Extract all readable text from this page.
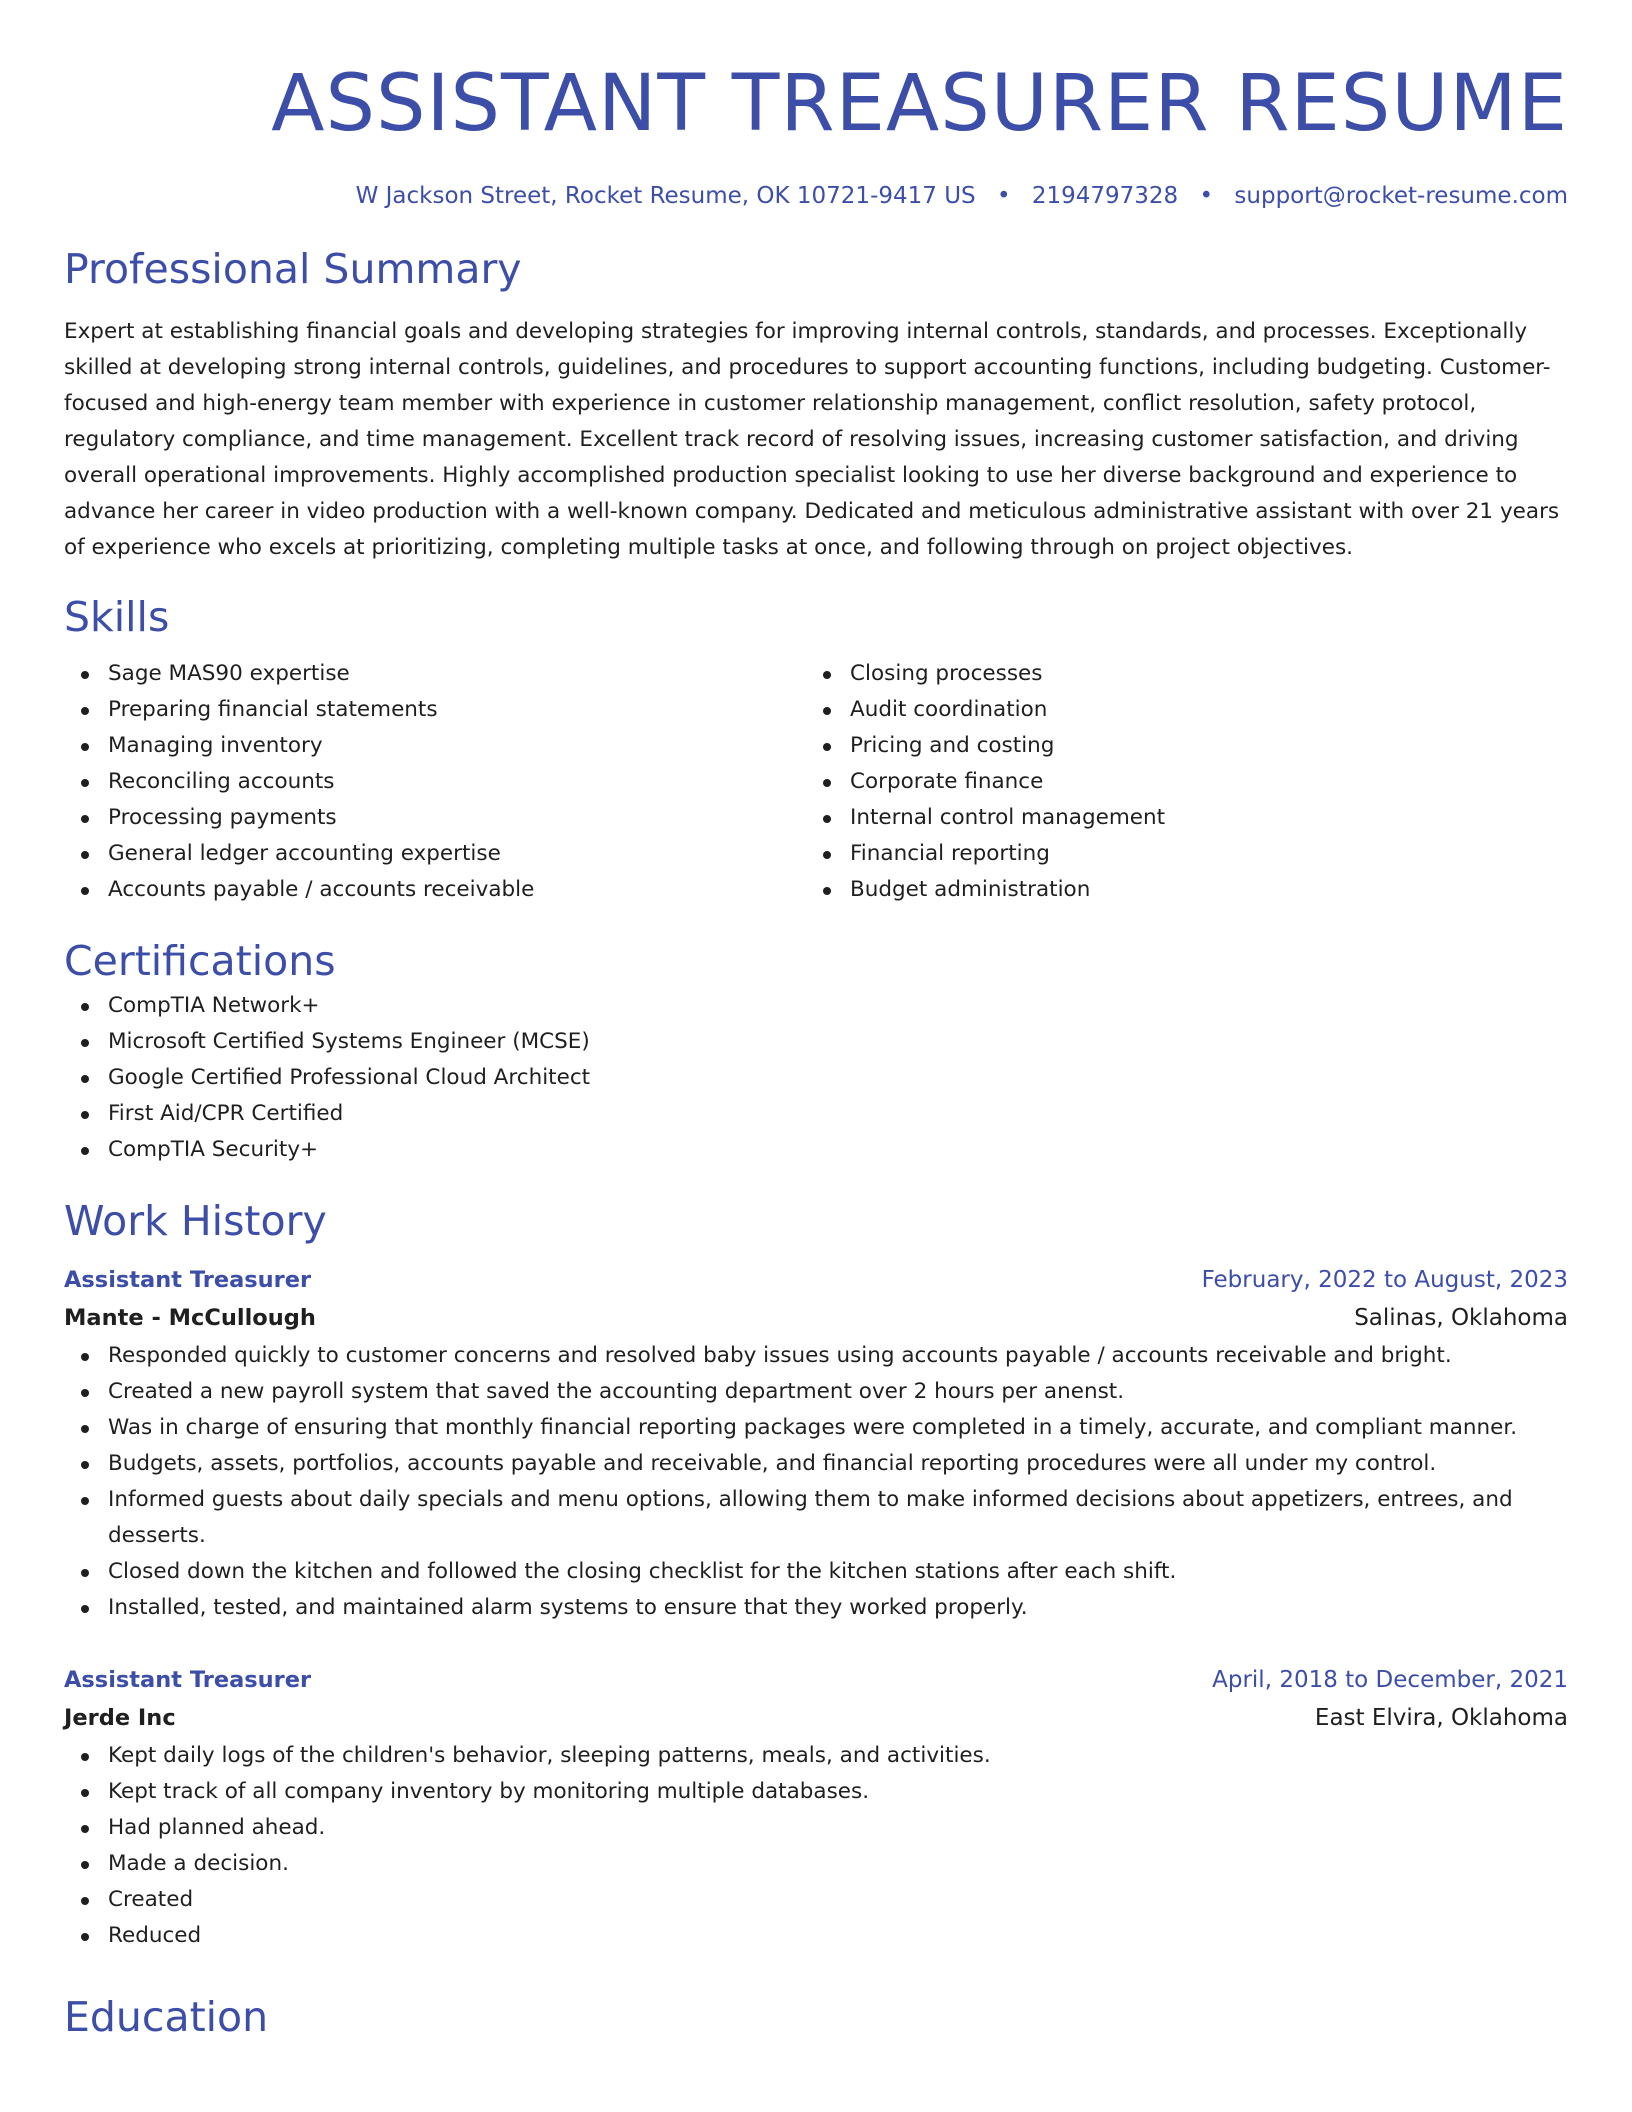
ASSISTANT TREASURER RESUME
W Jackson Street, Rocket Resume, OK 10721-9417 US • 2194797328 • support@rocket-resume.com
Professional Summary

Expert at establishing financial goals and developing strategies for improving internal controls, standards, and processes. Exceptionally skilled at developing strong internal controls, guidelines, and procedures to support accounting functions, including budgeting. Customer-focused and high-energy team member with experience in customer relationship management, conflict resolution, safety protocol, regulatory compliance, and time management. Excellent track record of resolving issues, increasing customer satisfaction, and driving overall operational improvements. Highly accomplished production specialist looking to use her diverse background and experience to advance her career in video production with a well-known company. Dedicated and meticulous administrative assistant with over 21 years of experience who excels at prioritizing, completing multiple tasks at once, and following through on project objectives.

Skills
Sage MAS90 expertise
Preparing financial statements
Managing inventory
Reconciling accounts
Processing payments
General ledger accounting expertise
Accounts payable / accounts receivable
Closing processes
Audit coordination
Pricing and costing
Corporate finance
Internal control management
Financial reporting
Budget administration
Certifications
CompTIA Network+
Microsoft Certified Systems Engineer (MCSE)
Google Certified Professional Cloud Architect
First Aid/CPR Certified
CompTIA Security+
Work History
Assistant Treasurer	February, 2022 to August, 2023
Mante - McCullough	Salinas, Oklahoma
Responded quickly to customer concerns and resolved baby issues using accounts payable / accounts receivable and bright.
Created a new payroll system that saved the accounting department over 2 hours per anenst.
Was in charge of ensuring that monthly financial reporting packages were completed in a timely, accurate, and compliant manner.
Budgets, assets, portfolios, accounts payable and receivable, and financial reporting procedures were all under my control.
Informed guests about daily specials and menu options, allowing them to make informed decisions about appetizers, entrees, and desserts.
Closed down the kitchen and followed the closing checklist for the kitchen stations after each shift.
Installed, tested, and maintained alarm systems to ensure that they worked properly.
Assistant Treasurer	April, 2018 to December, 2021
Jerde Inc	East Elvira, Oklahoma
Kept daily logs of the children's behavior, sleeping patterns, meals, and activities.
Kept track of all company inventory by monitoring multiple databases.
Had planned ahead.
Made a decision.
Created
Reduced
Education
